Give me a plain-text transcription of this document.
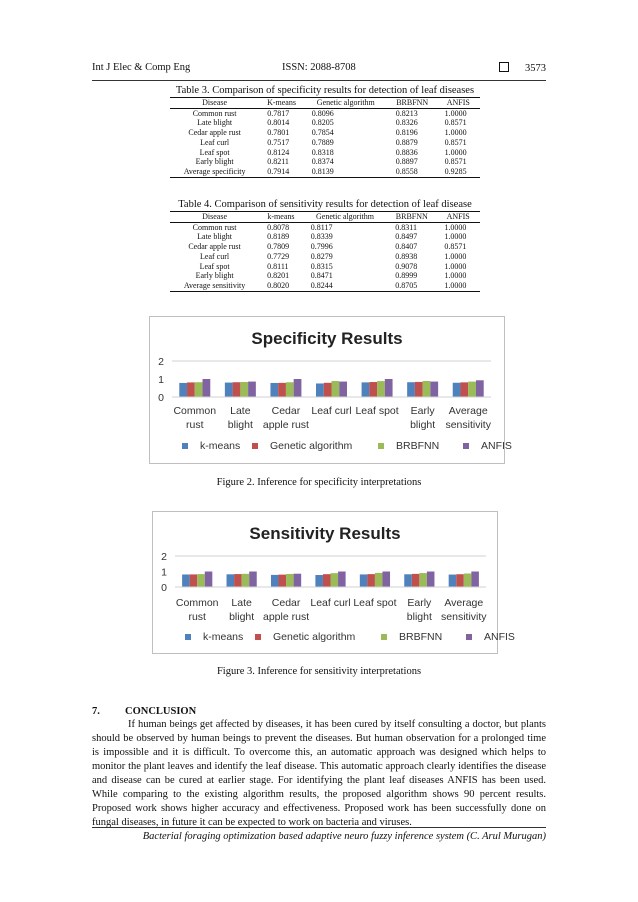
Int J Elec & Comp Eng	ISSN: 2088-8708	3573
Table 3. Comparison of specificity results for detection of leaf diseases
Disease	K-means	Genetic algorithm	BRBFNN	ANFIS
Common rust	0.7817	0.8096	0.8213	1.0000
Late blight	0.8014	0.8205	0.8326	0.8571
Cedar apple rust	0.7801	0.7854	0.8196	1.0000
Leaf curl	0.7517	0.7889	0.8879	0.8571
Leaf spot	0.8124	0.8318	0.8836	1.0000
Early blight	0.8211	0.8374	0.8897	0.8571
Average specificity	0.7914	0.8139	0.8558	0.9285
Table 4. Comparison of sensitivity results for detection of leaf disease
Disease	k-means	Genetic algorithm	BRBFNN	ANFIS
Common rust	0.8078	0.8117	0.8311	1.0000
Late blight	0.8189	0.8339	0.8497	1.0000
Cedar apple rust	0.7809	0.7996	0.8407	0.8571
Leaf curl	0.7729	0.8279	0.8938	1.0000
Leaf spot	0.8111	0.8315	0.9078	1.0000
Early blight	0.8201	0.8471	0.8999	1.0000
Average sensitivity	0.8020	0.8244	0.8705	1.0000
Specificity Results
0
1
2
Common
rust
Late
blight
Cedar
apple rust
Leaf curl Leaf spot Early
blight
Average
sensitivity
k-means	Genetic algorithm	BRBFNN	ANFIS
Figure 2. Inference for specificity interpretations
Sensitivity Results
0
1
2
Common
rust
Late
blight
Cedar
apple rust
Leaf curl Leaf spot Early
blight
Average
sensitivity
k-means	Genetic algorithm	BRBFNN	ANFIS
Figure 3. Inference for sensitivity interpretations
7. CONCLUSION

If human beings get affected by diseases, it has been cured by itself consulting a doctor, but plants should be observed by human beings to prevent the diseases. But human observation for a prolonged time is impossible and it is difficult. To overcome this, an automatic approach was designed which helps to monitor the plant leaves and identify the leaf disease. This automatic approach clearly identifies the disease and disease can be cured at earlier stage. For identifying the plant leaf diseases ANFIS has been used. While comparing to the existing algorithm results, the proposed algorithm shows 90 percent results. Proposed work shows higher accuracy and effectiveness. Proposed work has been successfully done on fungal diseases, in future it can be expected to work on bacteria and viruses.

Bacterial foraging optimization based adaptive neuro fuzzy inference system (C. Arul Murugan)
